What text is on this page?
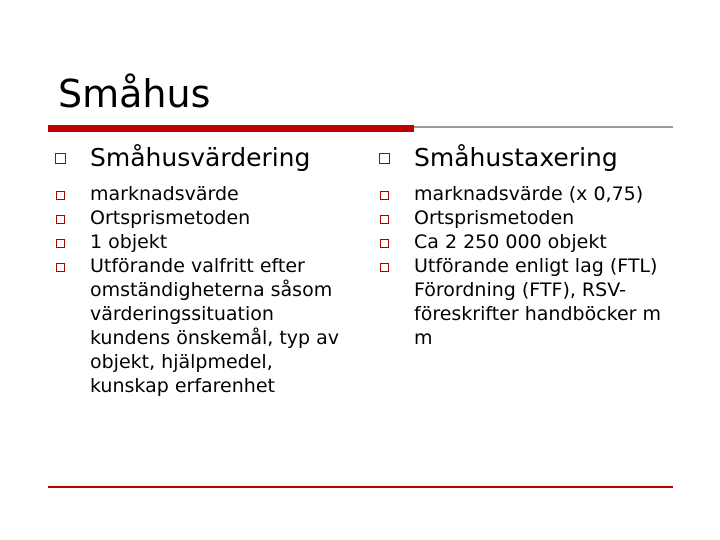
Småhus
Småhusvärdering
marknadsvärde
Ortsprismetoden
1 objekt
Utförande valfritt efter omständigheterna såsom värderingssituation kundens önskemål, typ av objekt, hjälpmedel, kunskap erfarenhet
Småhustaxering
marknadsvärde (x 0,75)
Ortsprismetoden
Ca 2 250 000 objekt
Utförande enligt lag (FTL) Förordning (FTF), RSV-föreskrifter handböcker m m
